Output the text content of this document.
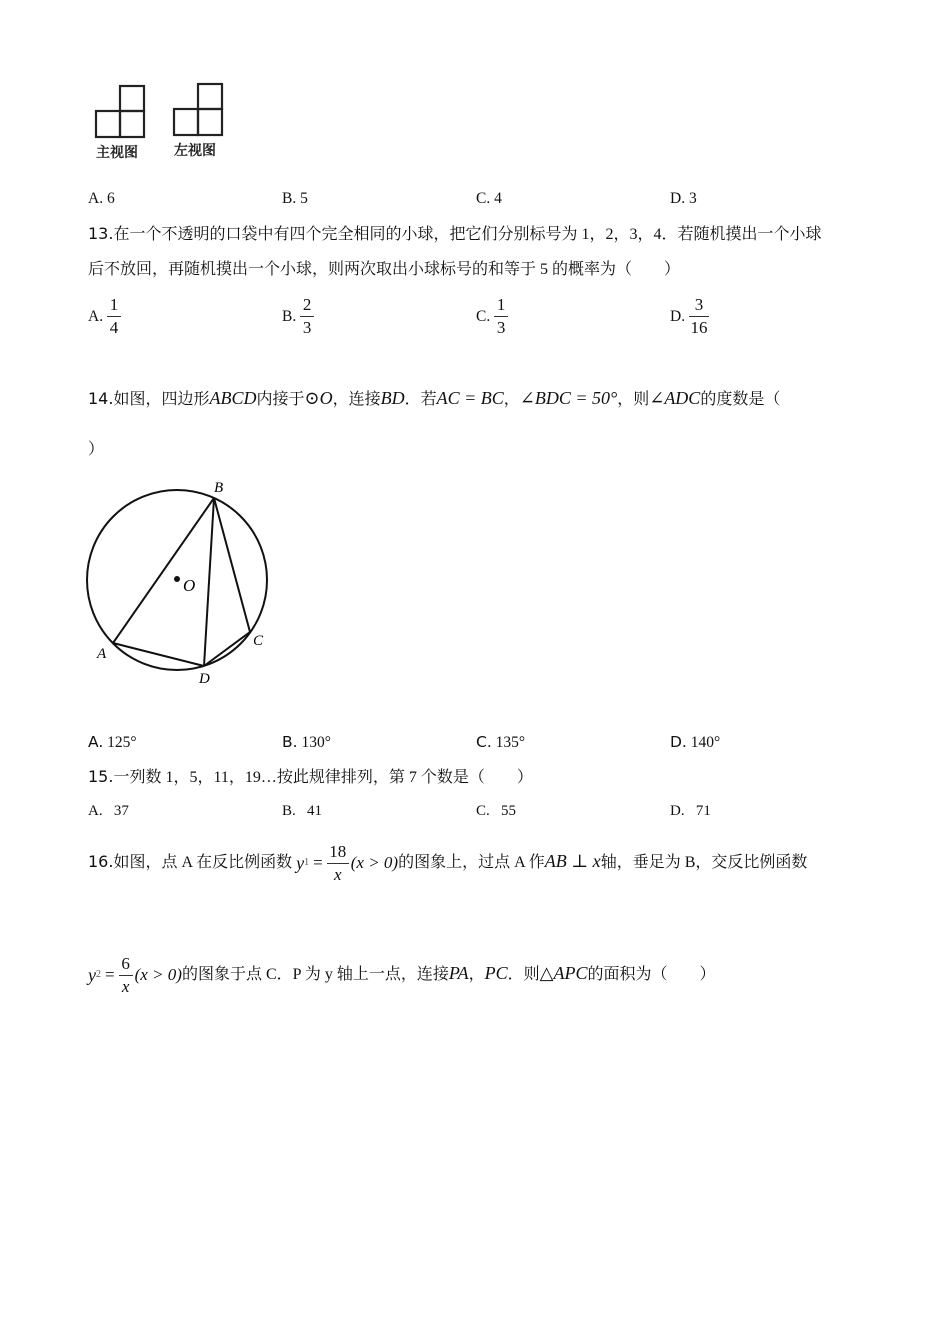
主视图	左视图
A. 6	B. 5	C. 4	D. 3
13.在一个不透明的口袋中有四个完全相同的小球，把它们分别标号为 1，2，3，4．若随机摸出一个小球
后不放回，再随机摸出一个小球，则两次取出小球标号的和等于 5 的概率为（　　）
A. $\frac{1}{4}$	B. $\frac{2}{3}$	C. $\frac{1}{3}$	D. $\frac{3}{16}$
14.如图，四边形ABCD内接于⊙O，连接BD．若AC = BC，∠BDC = 50°，则∠ADC的度数是（
）
B
O
C
A
D
A. 125°	B. 130°	C. 135°	D. 140°
15.一列数 1，5，11，19…按此规律排列，第 7 个数是（　　）
A. 37	B. 41	C. 55	D. 71
16.如图，点 A 在反比例函数 y $1 = \frac{18}{x} (x > 0)$ 的图象上，过点 A 作AB ⊥ x轴，垂足为 B，交反比例函数
y $2 = \frac{6}{x} (x > 0)$ 的图象于点 C．P 为 y 轴上一点，连接PA，PC．则△APC的面积为（　　）
